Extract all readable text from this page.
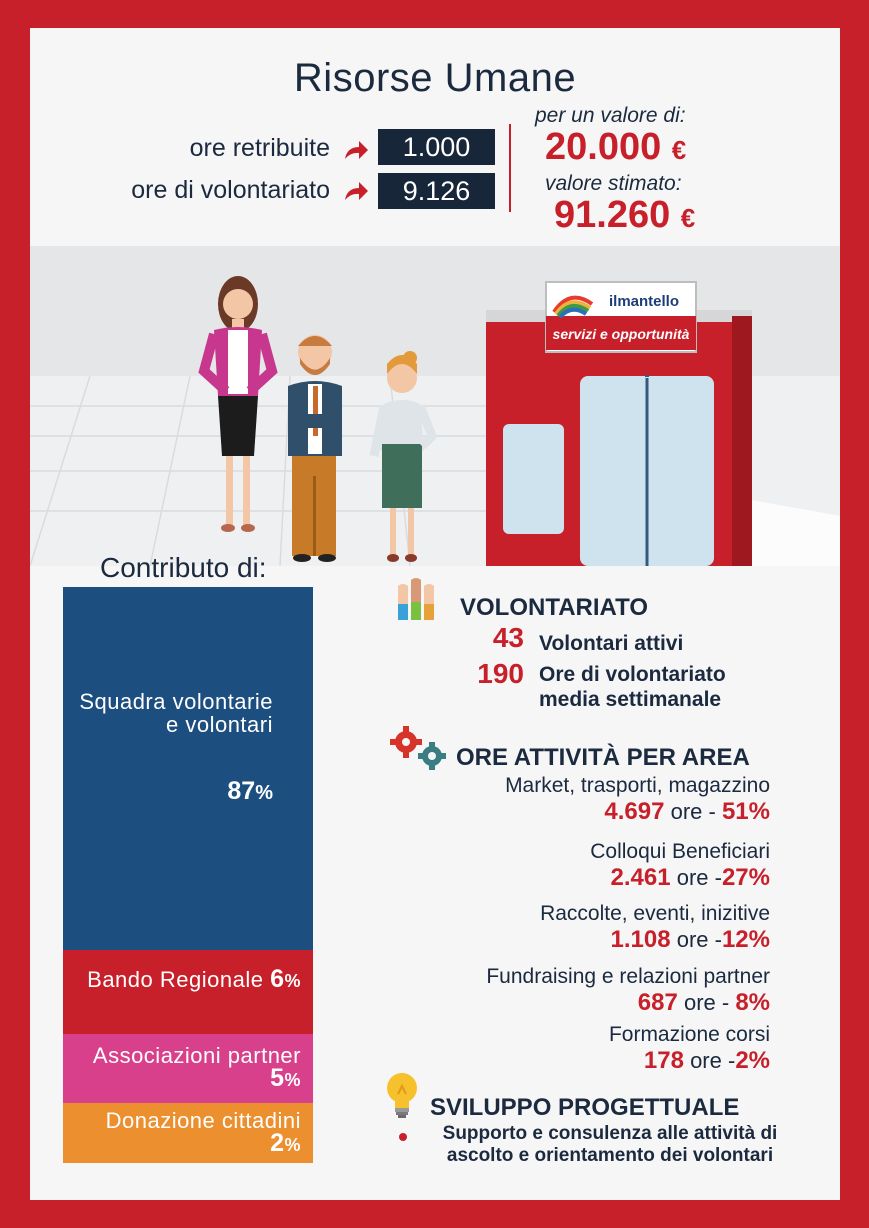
Risorse Umane
ore retribuite	1.000
ore di volontariato	9.126
per un valore di:
20.000 €
valore stimato:
91.260 €
ilmantello
servizi e opportunità
Contributo di:
Squadra volontarie e volontari
87%
Bando Regionale 6%
Associazioni partner 5%
Donazione cittadini 2%
VOLONTARIATO
43 Volontari attivi
190 Ore di volontariato
media settimanale
ORE ATTIVITÀ PER AREA
Market, trasporti, magazzino
4.697 ore - 51%
Colloqui Beneficiari
2.461 ore -27%
Raccolte, eventi, inizitive
1.108 ore -12%
Fundraising e relazioni partner
687 ore - 8%
Formazione corsi
178 ore -2%
SVILUPPO PROGETTUALE
Supporto e consulenza alle attività di
ascolto e orientamento dei volontari
